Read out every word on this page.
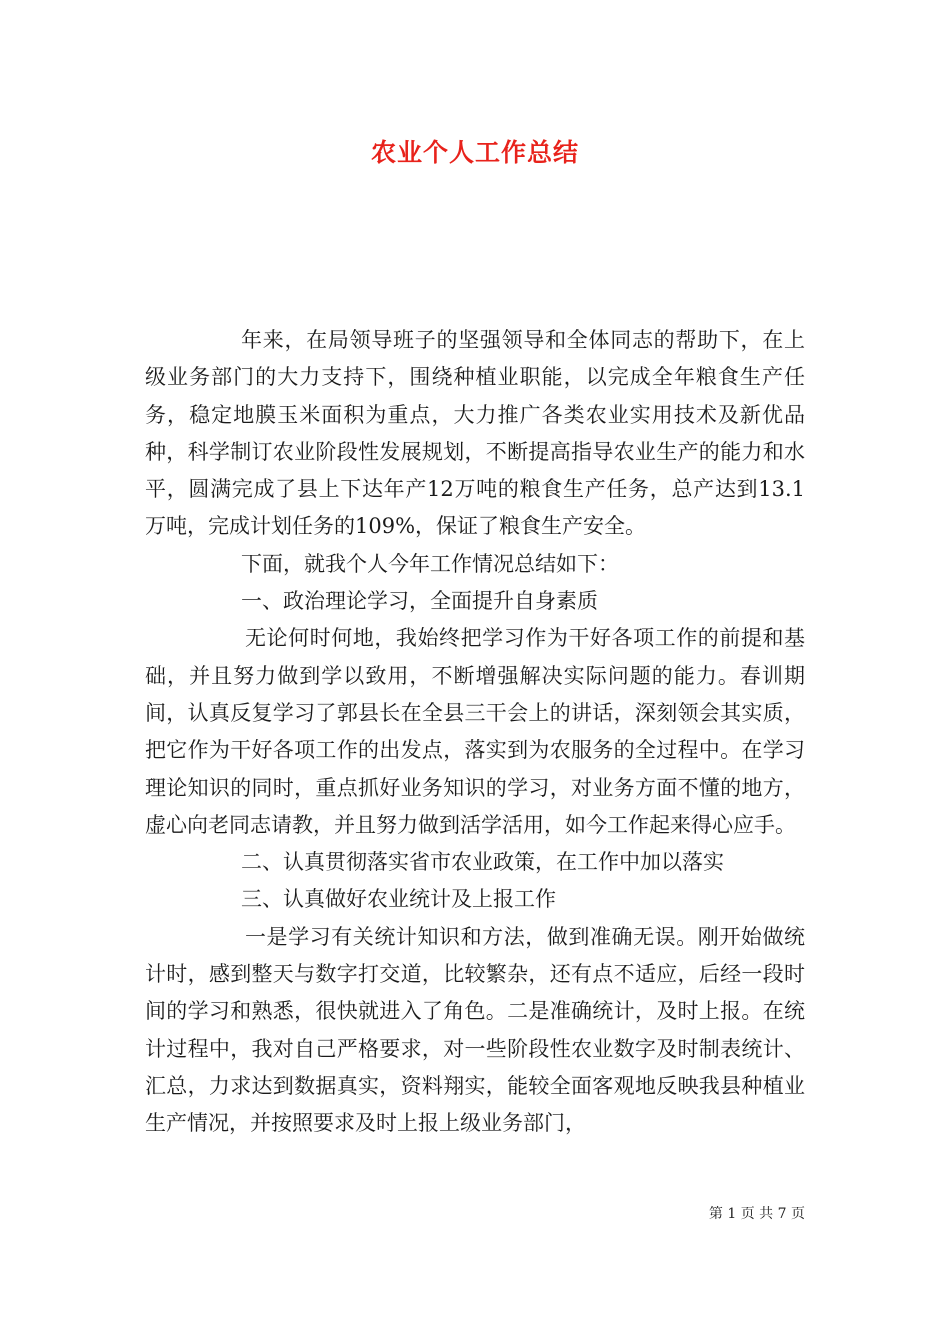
农业个人工作总结

年来，在局领导班子的坚强领导和全体同志的帮助下，在上级业务部门的大力支持下，围绕种植业职能，以完成全年粮食生产任务，稳定地膜玉米面积为重点，大力推广各类农业实用技术及新优品种，科学制订农业阶段性发展规划，不断提高指导农业生产的能力和水平，圆满完成了县上下达年产12万吨的粮食生产任务，总产达到13.1万吨，完成计划任务的109%，保证了粮食生产安全。

下面，就我个人今年工作情况总结如下：

一、政治理论学习，全面提升自身素质

无论何时何地，我始终把学习作为干好各项工作的前提和基础，并且努力做到学以致用，不断增强解决实际问题的能力。春训期间，认真反复学习了郭县长在全县三干会上的讲话，深刻领会其实质，把它作为干好各项工作的出发点，落实到为农服务的全过程中。在学习理论知识的同时，重点抓好业务知识的学习，对业务方面不懂的地方，虚心向老同志请教，并且努力做到活学活用，如今工作起来得心应手。

二、认真贯彻落实省市农业政策，在工作中加以落实

三、认真做好农业统计及上报工作

一是学习有关统计知识和方法，做到准确无误。刚开始做统计时，感到整天与数字打交道，比较繁杂，还有点不适应，后经一段时间的学习和熟悉，很快就进入了角色。二是准确统计，及时上报。在统计过程中，我对自己严格要求，对一些阶段性农业数字及时制表统计、汇总，力求达到数据真实，资料翔实，能较全面客观地反映我县种植业生产情况，并按照要求及时上报上级业务部门，

第 1 页 共 7 页
